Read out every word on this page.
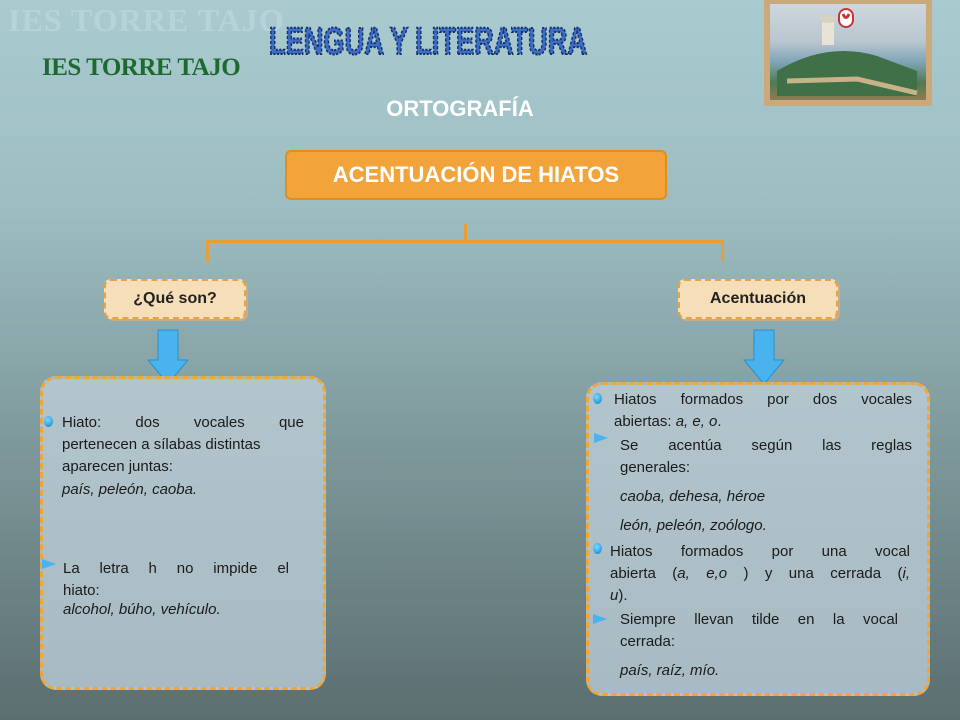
IES TORRE TAJO
IES TORRE TAJO
LENGUA Y LITERATURA
ORTOGRAFÍA
ACENTUACIÓN DE HIATOS
¿Qué son?	Acentuación
Hiato: dos vocales que
pertenecen a sílabas distintas
aparecen juntas:
país, peleón, caoba.
La letra h no impide el
hiato:
alcohol, búho, vehículo.
Hiatos formados por dos vocales
abiertas: a, e, o.
Se acentúa según las reglas
generales:
caoba, dehesa, héroe
león, peleón, zoólogo.
Hiatos formados por una vocal
abierta (a, e,o ) y una cerrada (i,
u).
Siempre llevan tilde en la vocal
cerrada:
país, raíz, mío.
